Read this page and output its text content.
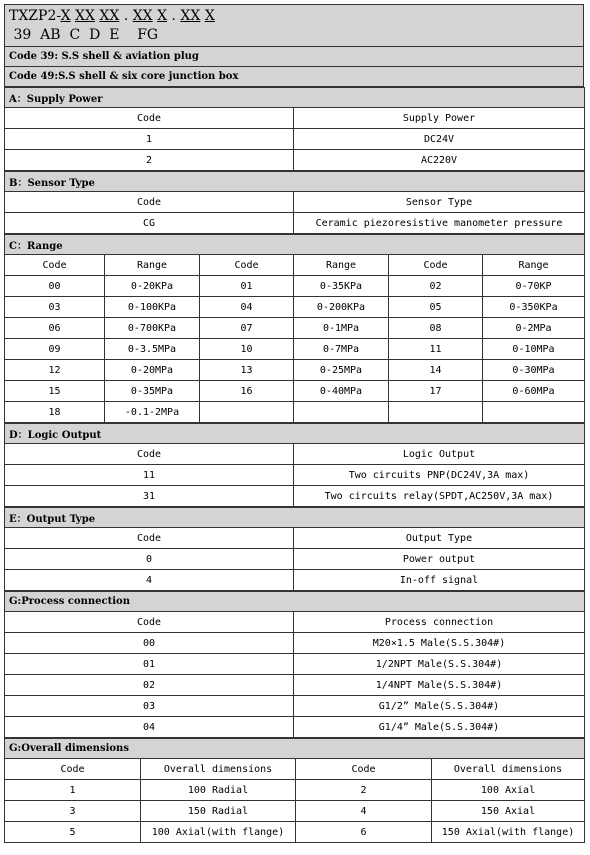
TXZP2-X XX XX . XX X . XX X
39  AB  C  D  E    FG
Code 39: S.S shell & aviation plug
Code 49:S.S shell & six core junction box
A：Supply Power	
Code	Supply Power
1	DC24V
2	AC220V
B：Sensor Type	
Code	Sensor Type
CG	Ceramic piezoresistive manometer pressure
C：Range					
Code	Range	Code	Range	Code	Range
00	0-20KPa	01	0-35KPa	02	0-70KP
03	0-100KPa	04	0-200KPa	05	0-350KPa
06	0-700KPa	07	0-1MPa	08	0-2MPa
09	0-3.5MPa	10	0-7MPa	11	0-10MPa
12	0-20MPa	13	0-25MPa	14	0-30MPa
15	0-35MPa	16	0-40MPa	17	0-60MPa
18	-0.1-2MPa				
D：Logic Output	
Code	Logic Output
11	Two circuits PNP(DC24V,3A max)
31	Two circuits relay(SPDT,AC250V,3A max)
E：Output Type	
Code	Output Type
0	Power output
4	In-off signal
G:Process connection	
Code	Process connection
00	M20×1.5 Male(S.S.304#)
01	1/2NPT Male(S.S.304#)
02	1/4NPT Male(S.S.304#)
03	G1/2” Male(S.S.304#)
04	G1/4” Male(S.S.304#)
G:Overall dimensions			
Code	Overall dimensions	Code	Overall dimensions
1	100 Radial	2	100 Axial
3	150 Radial	4	150 Axial
5	100 Axial(with flange)	6	150 Axial(with flange)
